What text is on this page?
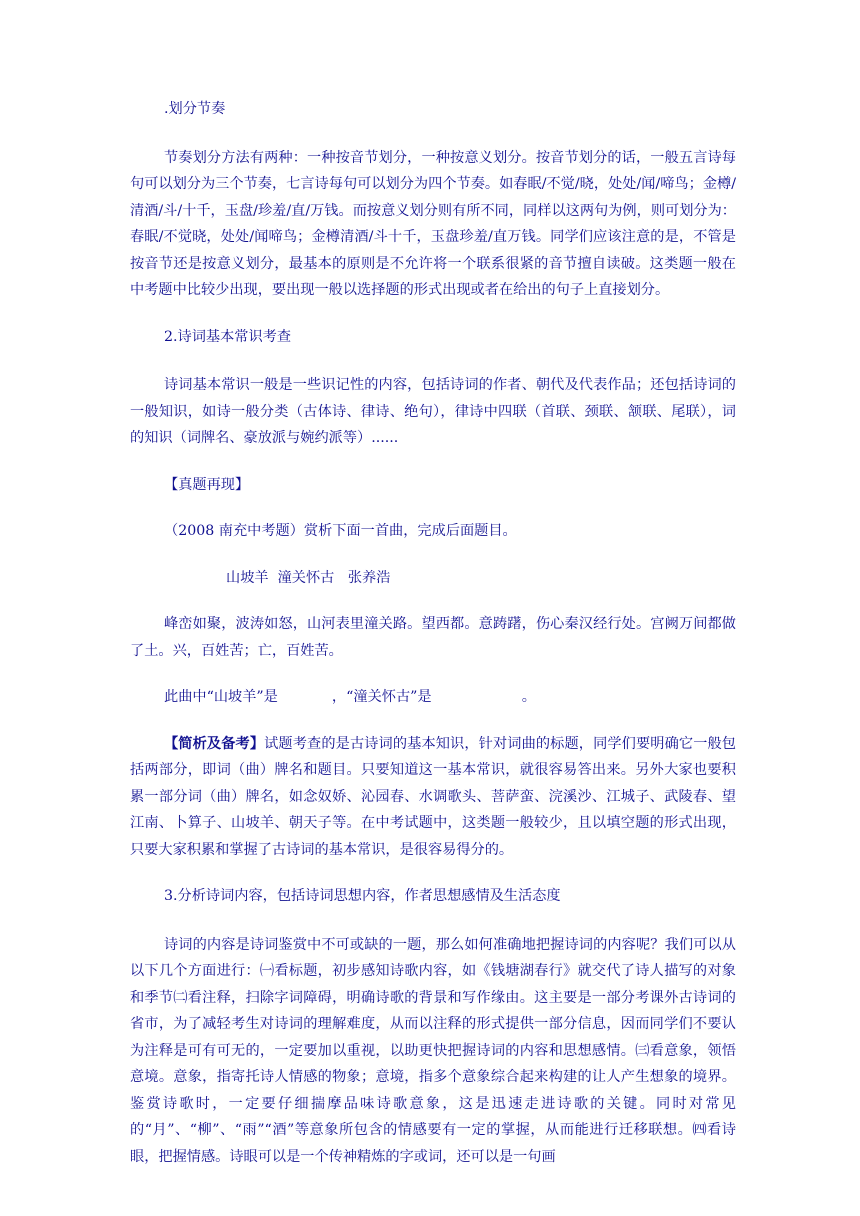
.划分节奏

节奏划分方法有两种：一种按音节划分，一种按意义划分。按音节划分的话，一般五言诗每句可以划分为三个节奏，七言诗每句可以划分为四个节奏。如春眠/不觉/晓，处处/闻/啼鸟；金樽/清酒/斗/十千，玉盘/珍羞/直/万钱。而按意义划分则有所不同，同样以这两句为例，则可划分为：春眠/不觉晓，处处/闻啼鸟；金樽清酒/斗十千，玉盘珍羞/直万钱。同学们应该注意的是，不管是按音节还是按意义划分，最基本的原则是不允许将一个联系很紧的音节擅自读破。这类题一般在中考题中比较少出现，要出现一般以选择题的形式出现或者在给出的句子上直接划分。

2.诗词基本常识考查

诗词基本常识一般是一些识记性的内容，包括诗词的作者、朝代及代表作品；还包括诗词的一般知识，如诗一般分类（古体诗、律诗、绝句），律诗中四联（首联、颈联、颔联、尾联），词的知识（词牌名、豪放派与婉约派等）......

【真题再现】

（2008 南充中考题）赏析下面一首曲，完成后面题目。

山坡羊  潼关怀古   张养浩

峰峦如聚，波涛如怒，山河表里潼关路。望西都。意踌躇，伤心秦汉经行处。宫阙万间都做了土。兴，百姓苦；亡，百姓苦。

此曲中“山坡羊”是            ，“潼关怀古”是                    。

【简析及备考】试题考查的是古诗词的基本知识，针对词曲的标题，同学们要明确它一般包括两部分，即词（曲）牌名和题目。只要知道这一基本常识，就很容易答出来。另外大家也要积累一部分词（曲）牌名，如念奴娇、沁园春、水调歌头、菩萨蛮、浣溪沙、江城子、武陵春、望江南、卜算子、山坡羊、朝天子等。在中考试题中，这类题一般较少，且以填空题的形式出现，只要大家积累和掌握了古诗词的基本常识，是很容易得分的。

3.分析诗词内容，包括诗词思想内容，作者思想感情及生活态度

诗词的内容是诗词鉴赏中不可或缺的一题，那么如何准确地把握诗词的内容呢？我们可以从以下几个方面进行：㈠看标题，初步感知诗歌内容，如《钱塘湖春行》就交代了诗人描写的对象和季节㈡看注释，扫除字词障碍，明确诗歌的背景和写作缘由。这主要是一部分考课外古诗词的省市，为了减轻考生对诗词的理解难度，从而以注释的形式提供一部分信息，因而同学们不要认为注释是可有可无的，一定要加以重视，以助更快把握诗词的内容和思想感情。㈢看意象，领悟意境。意象，指寄托诗人情感的物象；意境，指多个意象综合起来构建的让人产生想象的境界。鉴赏诗歌时，一定要仔细揣摩品味诗歌意象，这是迅速走进诗歌的关键。同时对常见的“月”、“柳”、“雨”“酒”等意象所包含的情感要有一定的掌握，从而能进行迁移联想。㈣看诗眼，把握情感。诗眼可以是一个传神精炼的字或词，还可以是一句画
